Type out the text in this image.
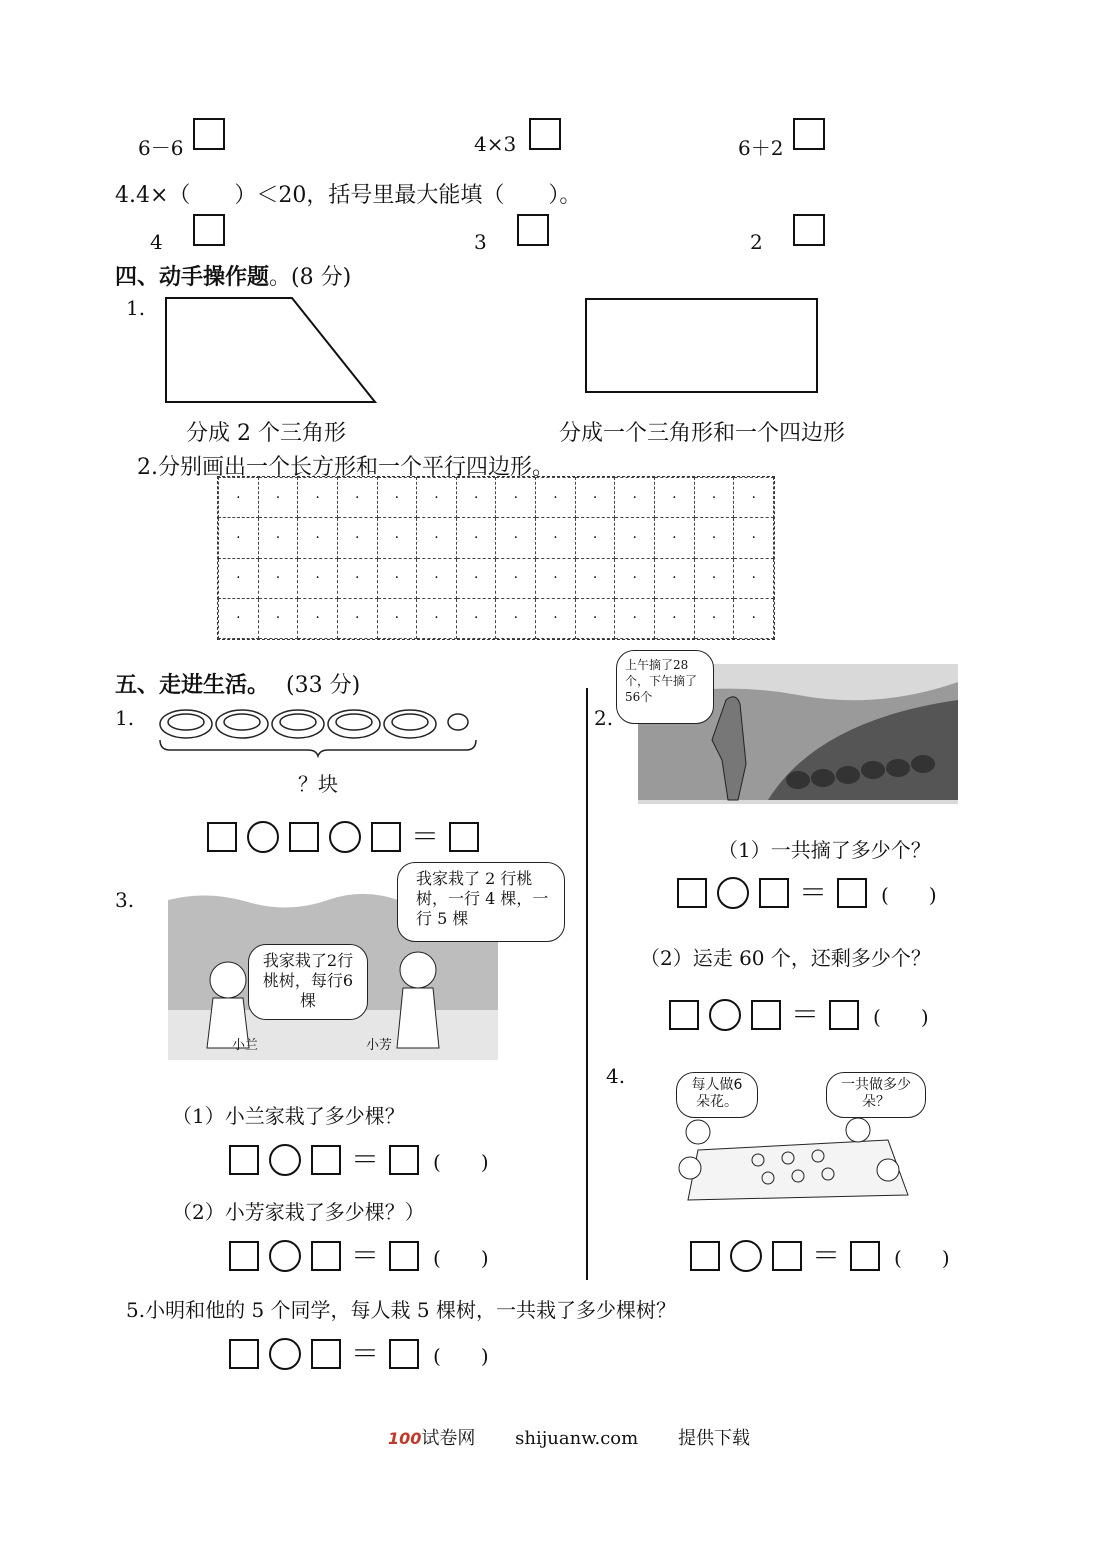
6－6	4×3	6＋2
4.4×（　　）＜20，括号里最大能填（　　）。
4	3	2
四、动手操作题。(8 分)
1.
分成 2 个三角形	分成一个三角形和一个四边形
2.分别画出一个长方形和一个平行四边形。
·	·	·	·	·	·	·	·	·	·	·	·	·	·
·	·	·	·	·	·	·	·	·	·	·	·	·	·
·	·	·	·	·	·	·	·	·	·	·	·	·	·
·	·	·	·	·	·	·	·	·	·	·	·	·	·
五、走进生活。 (33 分)
1.
？块
＝
2.
上午摘了28个，下午摘了56个
（1）一共摘了多少个？
＝	(　　)
（2）运走 60 个，还剩多少个？
＝	(　　)
3.
小兰	小芳
我家栽了2行桃树，每行6棵
我家栽了 2 行桃树，一行 4 棵，一行 5 棵
（1）小兰家栽了多少棵？
＝	(　　)
（2）小芳家栽了多少棵？）
＝	(　　)
4.	每人做6朵花。
一共做多少朵？
＝	(　　)
5.小明和他的 5 个同学，每人栽 5 棵树，一共栽了多少棵树？
＝	(　　)
100试卷网 shijuanw.com 提供下载
